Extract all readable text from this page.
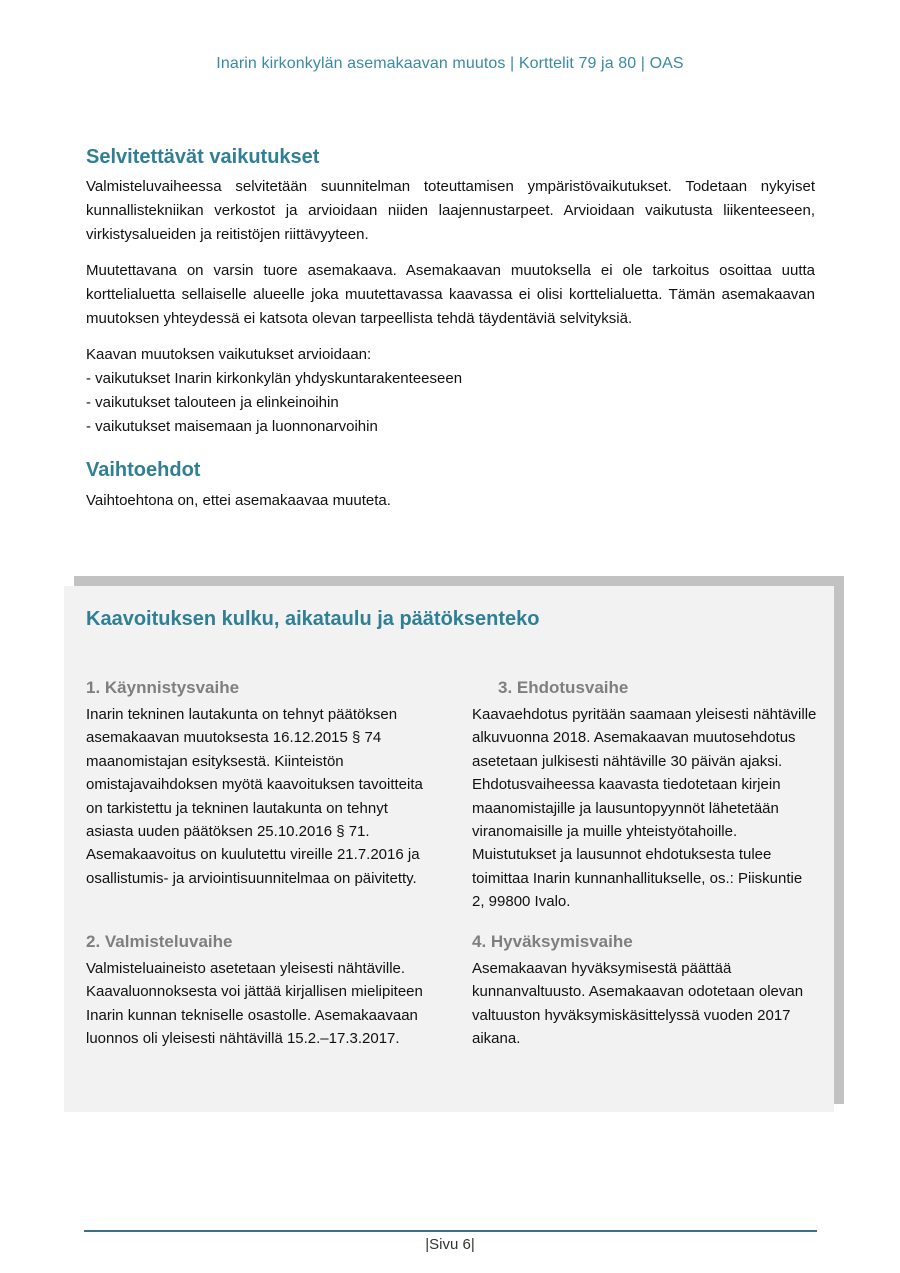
Inarin kirkonkylän asemakaavan muutos | Korttelit 79 ja 80 | OAS
Selvitettävät vaikutukset

Valmisteluvaiheessa selvitetään suunnitelman toteuttamisen ympäristövaikutukset. Todetaan nykyiset kunnallistekniikan verkostot ja arvioidaan niiden laajennustarpeet. Arvioidaan vaikutusta liikenteeseen, virkistysalueiden ja reitistöjen riittävyyteen.

Muutettavana on varsin tuore asemakaava. Asemakaavan muutoksella ei ole tarkoitus osoittaa uutta korttelialuetta sellaiselle alueelle joka muutettavassa kaavassa ei olisi korttelialuetta. Tämän asemakaavan muutoksen yhteydessä ei katsota olevan tarpeellista tehdä täydentäviä selvityksiä.

Kaavan muutoksen vaikutukset arvioidaan:

- vaikutukset Inarin kirkonkylän yhdyskuntarakenteeseen
- vaikutukset talouteen ja elinkeinoihin
- vaikutukset maisemaan ja luonnonarvoihin
Vaihtoehdot

Vaihtoehtona on, ettei asemakaavaa muuteta.

Kaavoituksen kulku, aikataulu ja päätöksenteko
1. Käynnistysvaihe

Inarin tekninen lautakunta on tehnyt päätöksen asemakaavan muutoksesta 16.12.2015 § 74 maanomistajan esityksestä. Kiinteistön omistajavaihdoksen myötä kaavoituksen tavoitteita on tarkistettu ja tekninen lautakunta on tehnyt asiasta uuden päätöksen 25.10.2016 § 71. Asemakaavoitus on kuulutettu vireille 21.7.2016 ja osallistumis- ja arviointisuunnitelmaa on päivitetty.

3. Ehdotusvaihe

Kaavaehdotus pyritään saamaan yleisesti nähtäville alkuvuonna 2018. Asemakaavan muutosehdotus asetetaan julkisesti nähtäville 30 päivän ajaksi. Ehdotusvaiheessa kaavasta tiedotetaan kirjein maanomistajille ja lausuntopyynnöt lähetetään viranomaisille ja muille yhteistyötahoille. Muistutukset ja lausunnot ehdotuksesta tulee toimittaa Inarin kunnanhallitukselle, os.: Piiskuntie 2, 99800 Ivalo.

2. Valmisteluvaihe

Valmisteluaineisto asetetaan yleisesti nähtäville. Kaavaluonnoksesta voi jättää kirjallisen mielipiteen Inarin kunnan tekniselle osastolle. Asemakaavaan luonnos oli yleisesti nähtävillä 15.2.–17.3.2017.

4. Hyväksymisvaihe

Asemakaavan hyväksymisestä päättää kunnanvaltuusto. Asemakaavan odotetaan olevan valtuuston hyväksymiskäsittelyssä vuoden 2017 aikana.

|Sivu 6|
